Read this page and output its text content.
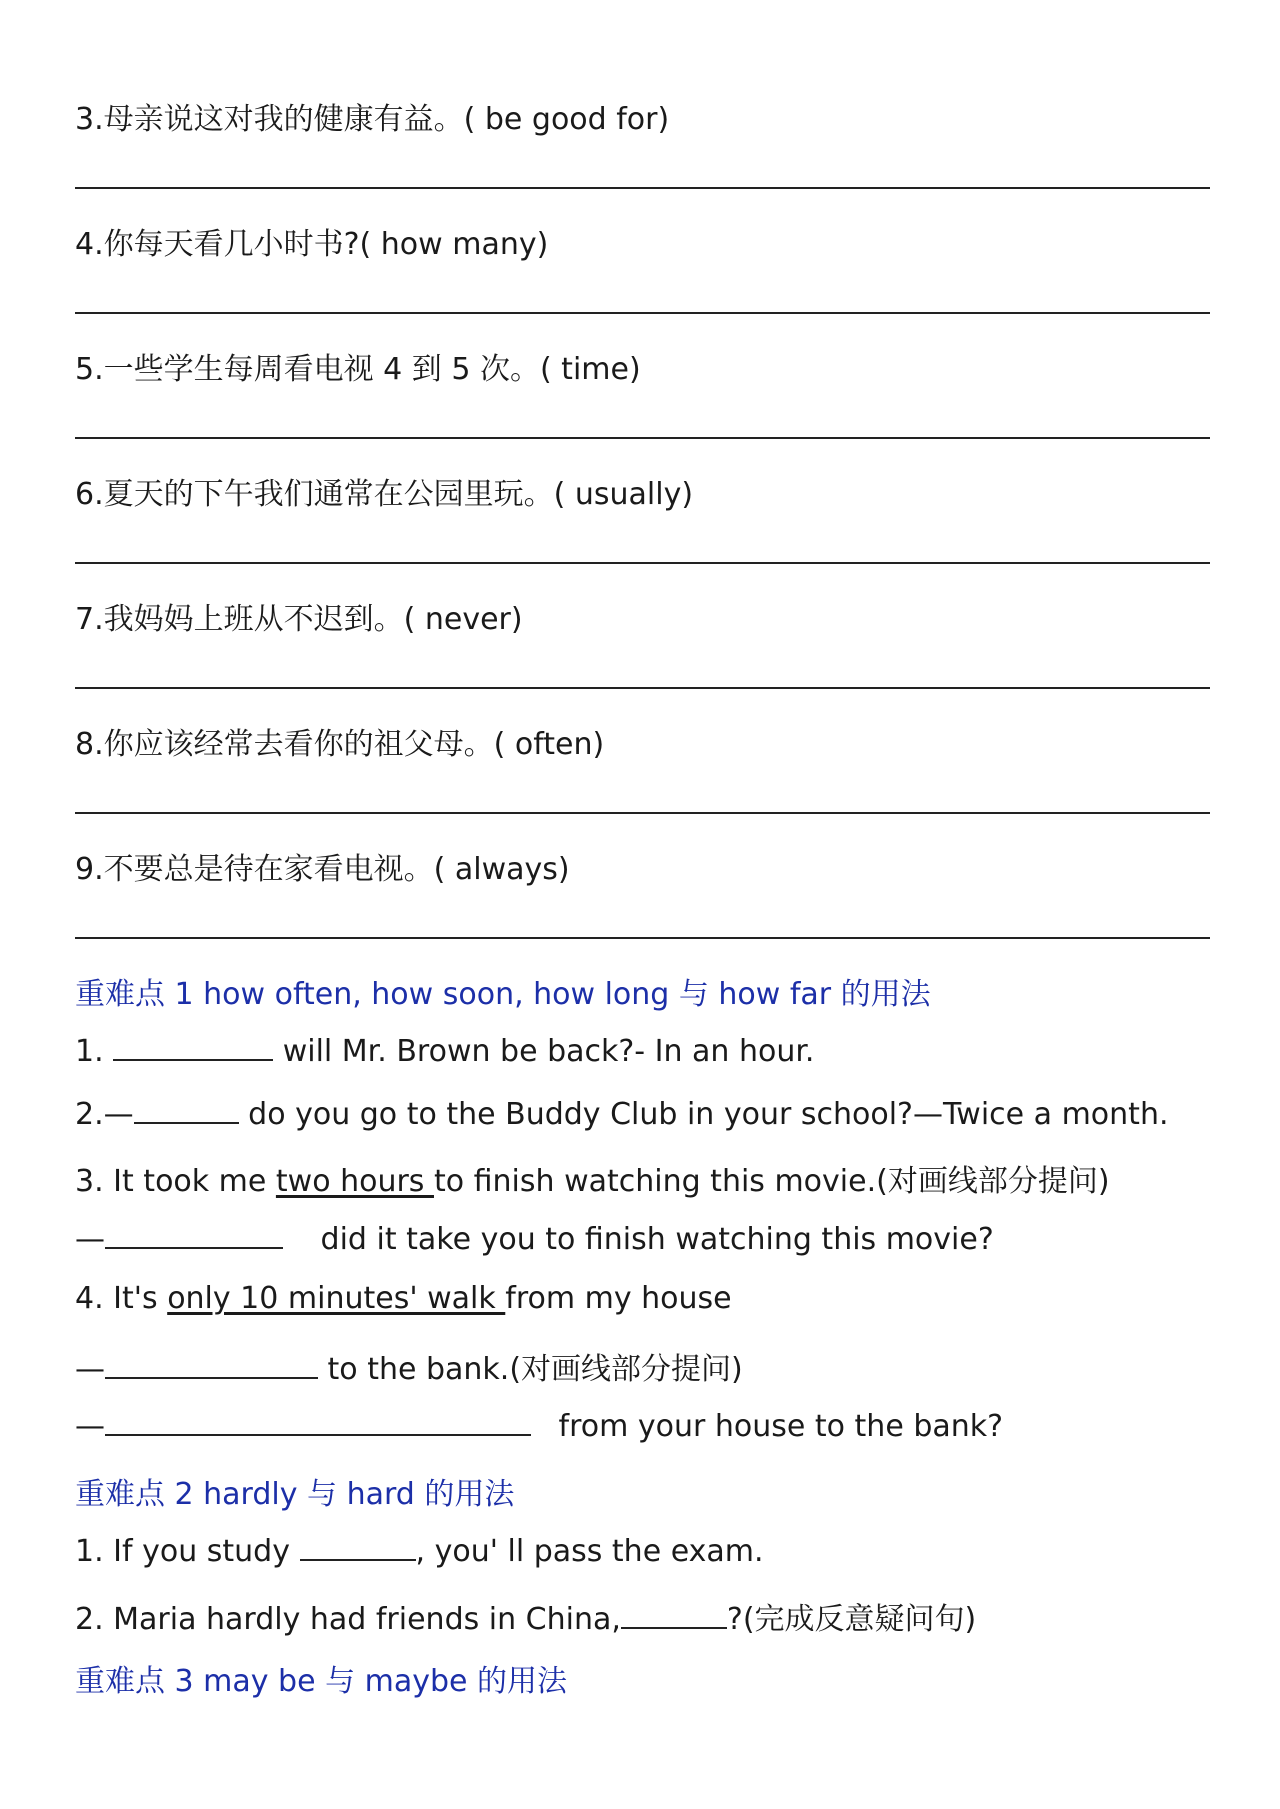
3.母亲说这对我的健康有益。( be good for)
4.你每天看几小时书?( how many)
5.一些学生每周看电视 4 到 5 次。( time)
6.夏天的下午我们通常在公园里玩。( usually)
7.我妈妈上班从不迟到。( never)
8.你应该经常去看你的祖父母。( often)
9.不要总是待在家看电视。( always)
重难点 1 how often, how soon, how long 与 how far 的用法
1.	will Mr. Brown be back?- In an hour.
2.—	do you go to the Buddy Club in your school?—Twice a month.
3. It took me two hours to finish watching this movie.(对画线部分提问)
—	did it take you to finish watching this movie?
4. It's only 10 minutes' walk from my house
—	to the bank.(对画线部分提问)
—	from your house to the bank?
重难点 2 hardly 与 hard 的用法
1. If you study	, you' ll pass the exam.
2. Maria hardly had friends in China,	?(完成反意疑问句)
重难点 3 may be 与 maybe 的用法
